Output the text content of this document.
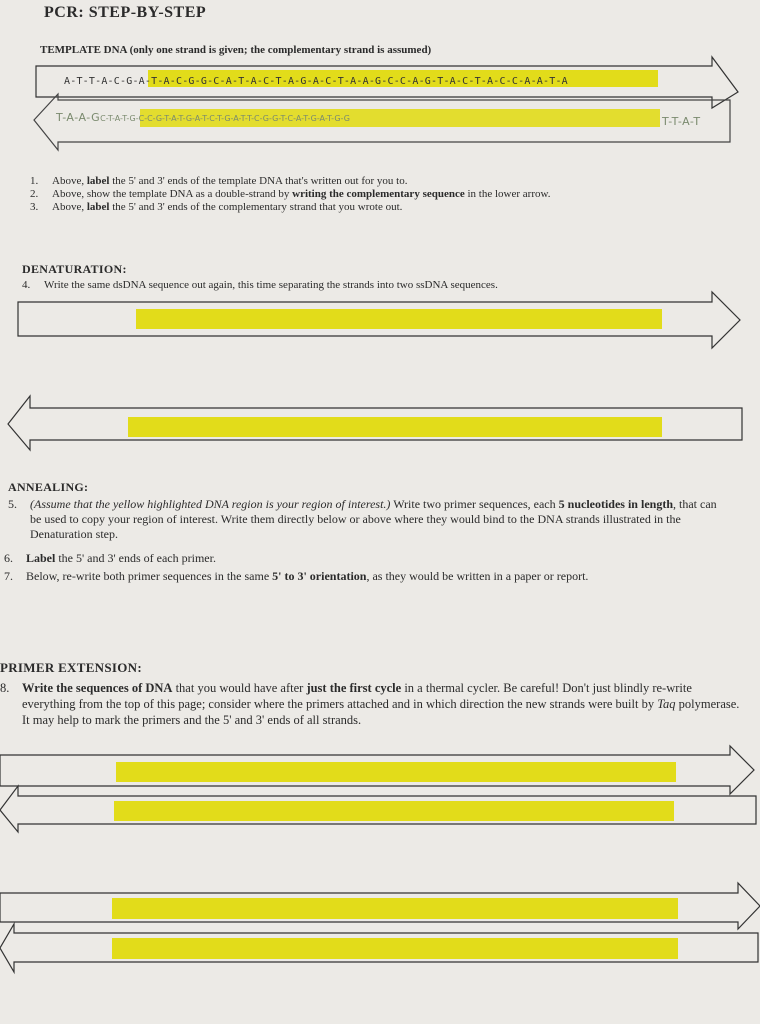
PCR: STEP-BY-STEP
TEMPLATE DNA (only one strand is given; the complementary strand is assumed)
A-T-T-A-C-G-A-T-A-C-G-G-C-A-T-A-C-T-A-G-A-C-T-A-A-G-C-C-A-G-T-A-C-T-A-C-C-A-A-T-A
T-A-A-GC-T-A-T-G-C-C-G-T-A-T-G-A-T-C-T-G-A-T-T-C-G-G-T-C-A-T-G-A-T-G-G	T-T-A-T
1. Above, label the 5' and 3' ends of the template DNA that's written out for you to.
2. Above, show the template DNA as a double-strand by writing the complementary sequence in the lower arrow.
3. Above, label the 5' and 3' ends of the complementary strand that you wrote out.
DENATURATION:
4. Write the same dsDNA sequence out again, this time separating the strands into two ssDNA sequences.
ANNEALING:
5.	(Assume that the yellow highlighted DNA region is your region of interest.) Write two primer sequences, each 5 nucleotides in length, that can be used to copy your region of interest. Write them directly below or above where they would bind to the DNA strands illustrated in the Denaturation step.
6. Label the 5' and 3' ends of each primer.
7. Below, re-write both primer sequences in the same 5' to 3' orientation, as they would be written in a paper or report.
PRIMER EXTENSION:
8.	Write the sequences of DNA that you would have after just the first cycle in a thermal cycler. Be careful! Don't just blindly re-write everything from the top of this page; consider where the primers attached and in which direction the new strands were built by Taq polymerase. It may help to mark the primers and the 5' and 3' ends of all strands.
